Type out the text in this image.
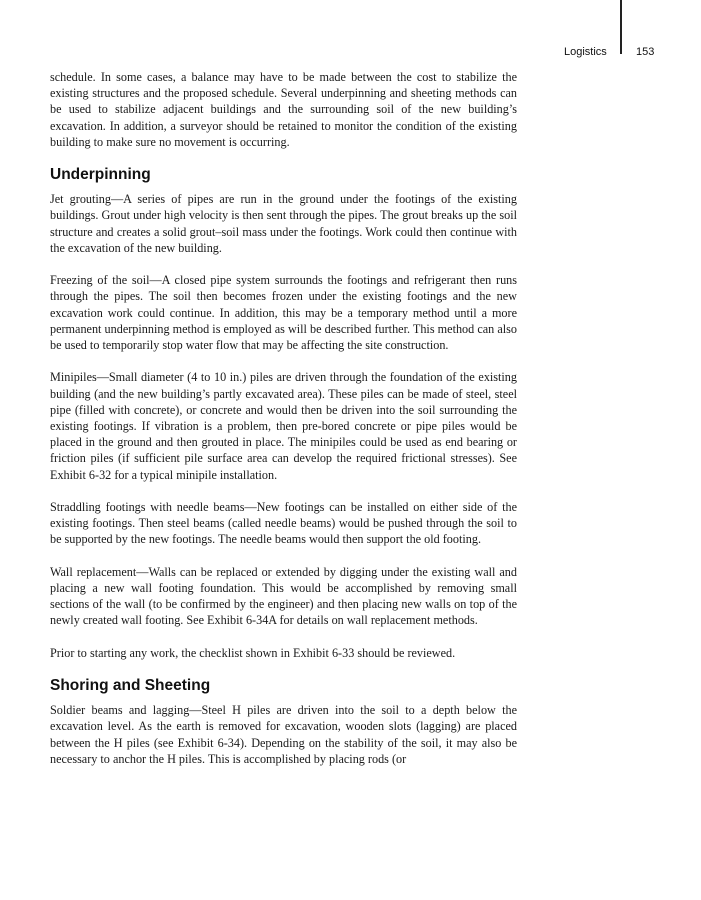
Logistics	153

schedule. In some cases, a balance may have to be made between the cost to stabilize the existing structures and the proposed schedule. Several underpinning and sheeting methods can be used to stabilize adjacent buildings and the surrounding soil of the new building’s excavation. In addition, a surveyor should be retained to monitor the condition of the existing building to make sure no movement is occurring.

Underpinning

Jet grouting—A series of pipes are run in the ground under the footings of the existing buildings. Grout under high velocity is then sent through the pipes. The grout breaks up the soil structure and creates a solid grout–soil mass under the footings. Work could then continue with the excavation of the new building.

Freezing of the soil—A closed pipe system surrounds the footings and refrigerant then runs through the pipes. The soil then becomes frozen under the existing footings and the new excavation work could continue. In addition, this may be a temporary method until a more permanent underpinning method is employed as will be described further. This method can also be used to temporarily stop water flow that may be affecting the site construction.

Minipiles—Small diameter (4 to 10 in.) piles are driven through the foundation of the existing building (and the new building’s partly excavated area). These piles can be made of steel, steel pipe (filled with concrete), or concrete and would then be driven into the soil surrounding the existing footings. If vibration is a problem, then pre-bored concrete or pipe piles would be placed in the ground and then grouted in place. The minipiles could be used as end bearing or friction piles (if sufficient pile surface area can develop the required frictional stresses). See Exhibit 6-32 for a typical minipile installation.

Straddling footings with needle beams—New footings can be installed on either side of the existing footings. Then steel beams (called needle beams) would be pushed through the soil to be supported by the new footings. The needle beams would then support the old footing.

Wall replacement—Walls can be replaced or extended by digging under the existing wall and placing a new wall footing foundation. This would be accomplished by removing small sections of the wall (to be confirmed by the engineer) and then placing new walls on top of the newly created wall footing. See Exhibit 6-34A for details on wall replacement methods.

Prior to starting any work, the checklist shown in Exhibit 6-33 should be reviewed.

Shoring and Sheeting

Soldier beams and lagging—Steel H piles are driven into the soil to a depth below the excavation level. As the earth is removed for excavation, wooden slots (lagging) are placed between the H piles (see Exhibit 6-34). Depending on the stability of the soil, it may also be necessary to anchor the H piles. This is accomplished by placing rods (or
